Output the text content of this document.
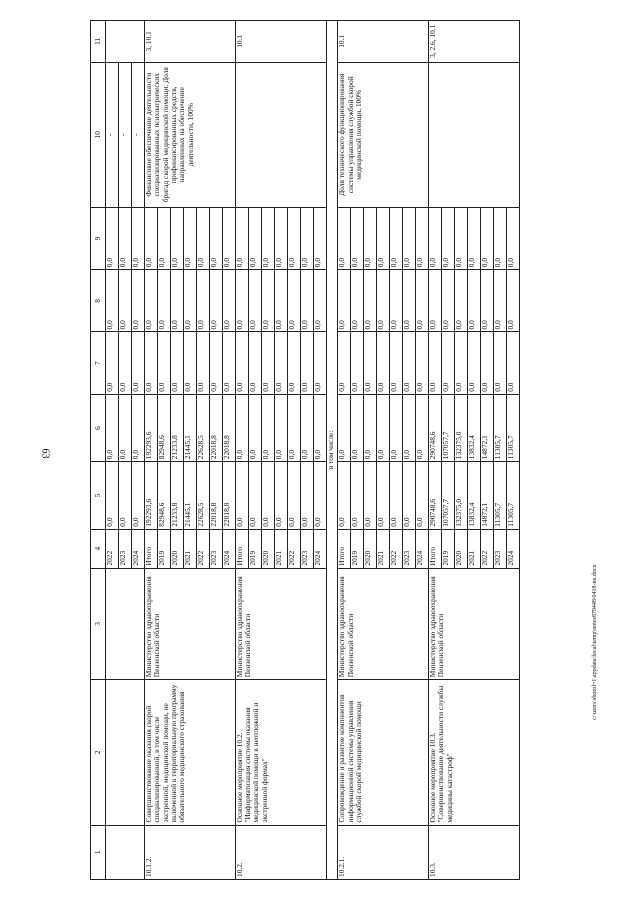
63
c:\users\sborol~1\appdata\local\temp\notes879448\0418-na.docx
1	2	3	4	5	6	7	8	9	10	11
			2022	0,0	0,0	0,0	0,0	0,0	-	
			2023	0,0	0,0	0,0	0,0	0,0	-	
			2024	0,0	0,0	0,0	0,0	0,0	-	
10.1.2.	Совершенствование оказания скорой специализированной, в том числе экстренной, медицинской помощи, не включенной в территориальную программу обязательного медицинского страхования	Министерство здравоохранения Пензенской области	Итого	192293,6	192293,6	0,0	0,0	0,0	Финансовое обеспечение деятельности специализированных психиатрических бригад скорой медицинской помощи. Доля профинансированных средств, направленных на обеспечение деятельности, 100%	3, 10.1
			2019	82948,6	82948,6	0,0	0,0	0,0		
			2020	21233,8	21233,8	0,0	0,0	0,0		
			2021	21445,1	21445,1	0,0	0,0	0,0		
			2022	22628,5	22628,5	0,0	0,0	0,0		
			2023	22018,8	22018,8	0,0	0,0	0,0		
			2024	22018,8	22018,8	0,0	0,0	0,0		
10.2.	Основное мероприятие 10.2. "Информатизация системы оказания медицинской помощи в неотложной и экстренной формах"	Министерство здравоохранения Пензенской области	Итого	0,0	0,0	0,0	0,0	0,0		10.1
			2019	0,0	0,0	0,0	0,0	0,0		
			2020	0,0	0,0	0,0	0,0	0,0		
			2021	0,0	0,0	0,0	0,0	0,0		
			2022	0,0	0,0	0,0	0,0	0,0		
			2023	0,0	0,0	0,0	0,0	0,0		
			2024	0,0	0,0	0,0	0,0	0,0		
в том числе:										
10.2.1.	Сопровождение и развитие компонентов информационной системы управления службой скорой медицинской помощи	Министерство здравоохранения Пензенской области	Итого	0,0	0,0	0,0	0,0	0,0	Доля технического функционирования системы управления службой скорой медицинской помощи, 100%	10.1
			2019	0,0	0,0	0,0	0,0	0,0		
			2020	0,0	0,0	0,0	0,0	0,0		
			2021	0,0	0,0	0,0	0,0	0,0		
			2022	0,0	0,0	0,0	0,0	0,0		
			2023	0,0	0,0	0,0	0,0	0,0		
			2024	0,0	0,0	0,0	0,0	0,0		
10.3.	Основное мероприятие 10.3. "Совершенствование деятельности службы медицины катастроф"	Министерство здравоохранения Пензенской области	Итого	290748,6	290748,6	0,0	0,0	0,0		3, 2.6, 10.1
			2019	107057,7	107057,7	0,0	0,0	0,0		
			2020	132375,0	132375,0	0,0	0,0	0,0		
			2021	13832,4	13832,4	0,0	0,0	0,0		
			2022	14872,1	14872,1	0,0	0,0	0,0		
			2023	11305,7	11305,7	0,0	0,0	0,0		
			2024	11305,7	11305,7	0,0	0,0	0,0		
